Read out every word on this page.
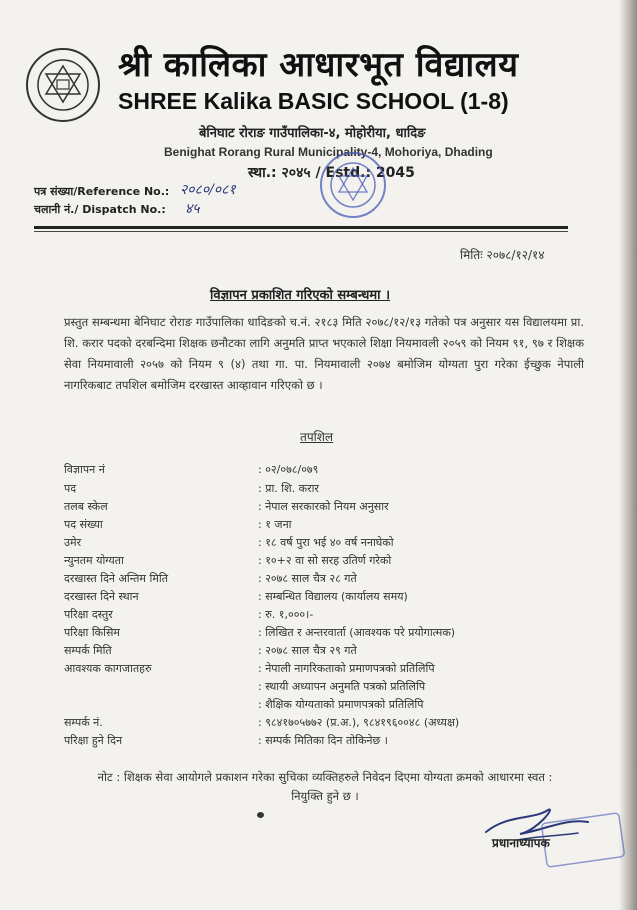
श्री कालिका आधारभूत विद्यालय
SHREE Kalika BASIC SCHOOL (1-8)
बेनिघाट रोराङ गाउँपालिका-४, मोहोरीया, धादिङ
Benighat Rorang Rural Municipality-4, Mohoriya, Dhading
स्था.: २०४५ / Estd.: 2045
पत्र संख्या/Reference No.: २०८०/०८१
चलानी नं./ Dispatch No.: ४५
मितिः २०७८/१२/१४
विज्ञापन प्रकाशित गरिएको सम्बन्धमा ।
प्रस्तुत सम्बन्धमा बेनिघाट रोराङ गाउँपालिका धादिङको च.नं. २१८३ मिति २०७८/१२/१३ गतेको पत्र अनुसार यस विद्यालयमा प्रा. शि. करार पदको दरबन्दिमा शिक्षक छनौटका लागि अनुमति प्राप्त भएकाले शिक्षा नियमावली २०५९ को नियम ९१, ९७ र शिक्षक सेवा नियमावाली २०५७ को नियम ९ (४) तथा गा. पा. नियमावाली २०७४ बमोजिम योग्यता पुरा गरेका ईच्छुक नेपाली नागरिकबाट तपशिल बमोजिम दरखास्त आव्हावान गरिएको छ ।
तपशिल
विज्ञापन नं	: ०२/०७८/०७९
पद	: प्रा. शि. करार
तलब स्केल	: नेपाल सरकारको नियम अनुसार
पद संख्या	: १ जना
उमेर	: १८ वर्ष पुरा भई ४० वर्ष ननाघेको
न्युनतम योग्यता	: १०+२ वा सो सरह उतिर्ण गरेको
दरखास्त दिने अन्तिम मिति	: २०७८ साल चैत्र २८ गते
दरखास्त दिने स्थान	: सम्बन्धित विद्यालय (कार्यालय समय)
परिक्षा दस्तुर	: रु. १,०००।-
परिक्षा किसिम	: लिखित र अन्तरवार्ता (आवश्यक परे प्रयोगात्मक)
सम्पर्क मिति	: २०७८ साल चैत्र २९ गते
आवश्यक कागजातहरु	: नेपाली नागरिकताको प्रमाणपत्रको प्रतिलिपि
: स्थायी अध्यापन अनुमति पत्रको प्रतिलिपि
: शैक्षिक योग्यताको प्रमाणपत्रको प्रतिलिपि
सम्पर्क नं.	: ९८४१७०५७७२ (प्र.अ.), ९८४१९६००४८ (अध्यक्ष)
परिक्षा हुने दिन	: सम्पर्क मितिका दिन तोकिनेछ ।
नोट : शिक्षक सेवा आयोगले प्रकाशन गरेका सुचिका व्यक्तिहरुले निवेदन दिएमा योग्यता क्रमको आधारमा स्वत : नियुक्ति हुने छ ।
प्रधानाध्यापक
